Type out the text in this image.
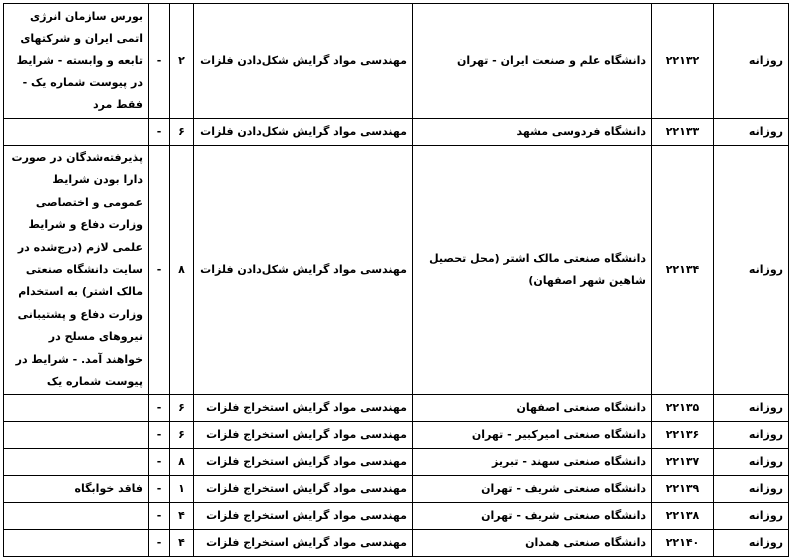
روزانه	۲۲۱۳۲	دانشگاه علم و صنعت ایران - تهران	مهندسی مواد گرایش شکل‌دادن فلزات	۲	-	بورس سازمان انرژی اتمی ایران و شرکتهای تابعه و وابسته - شرایط در پیوست شماره یک - فقط مرد
روزانه	۲۲۱۳۳	دانشگاه فردوسی مشهد	مهندسی مواد گرایش شکل‌دادن فلزات	۶	-	
روزانه	۲۲۱۳۴	دانشگاه صنعتی مالک اشتر (محل تحصیل شاهین شهر اصفهان)	مهندسی مواد گرایش شکل‌دادن فلزات	۸	-	پذیرفته‌شدگان در صورت دارا بودن شرایط عمومی و اختصاصی وزارت دفاع و شرایط علمی لازم (درج‌شده در سایت دانشگاه صنعتی مالک اشتر) به استخدام وزارت دفاع و پشتیبانی نیروهای مسلح در خواهند آمد. - شرایط در پیوست شماره یک
روزانه	۲۲۱۳۵	دانشگاه صنعتی اصفهان	مهندسی مواد گرایش استخراج فلزات	۶	-	
روزانه	۲۲۱۳۶	دانشگاه صنعتی امیرکبیر - تهران	مهندسی مواد گرایش استخراج فلزات	۶	-	
روزانه	۲۲۱۳۷	دانشگاه صنعتی سهند - تبریز	مهندسی مواد گرایش استخراج فلزات	۸	-	
روزانه	۲۲۱۳۹	دانشگاه صنعتی شریف - تهران	مهندسی مواد گرایش استخراج فلزات	۱	-	فاقد خوابگاه
روزانه	۲۲۱۳۸	دانشگاه صنعتی شریف - تهران	مهندسی مواد گرایش استخراج فلزات	۴	-	
روزانه	۲۲۱۴۰	دانشگاه صنعتی همدان	مهندسی مواد گرایش استخراج فلزات	۴	-	
